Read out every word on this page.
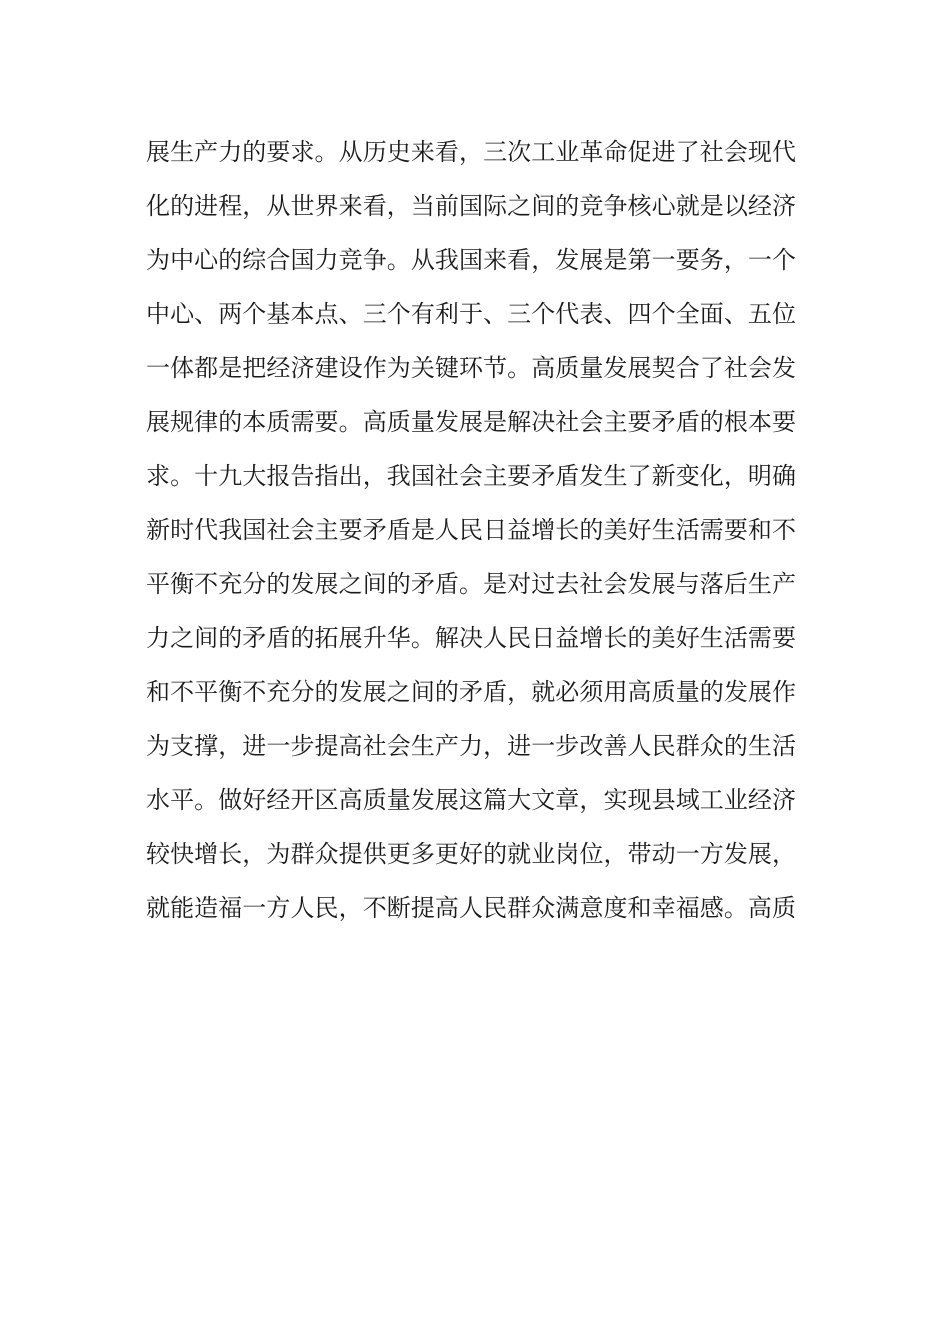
展生产力的要求。从历史来看，三次工业革命促进了社会现代
化的进程，从世界来看，当前国际之间的竞争核心就是以经济
为中心的综合国力竞争。从我国来看，发展是第一要务，一个
中心、两个基本点、三个有利于、三个代表、四个全面、五位
一体都是把经济建设作为关键环节。高质量发展契合了社会发
展规律的本质需要。高质量发展是解决社会主要矛盾的根本要
求。十九大报告指出，我国社会主要矛盾发生了新变化，明确
新时代我国社会主要矛盾是人民日益增长的美好生活需要和不
平衡不充分的发展之间的矛盾。是对过去社会发展与落后生产
力之间的矛盾的拓展升华。解决人民日益增长的美好生活需要
和不平衡不充分的发展之间的矛盾，就必须用高质量的发展作
为支撑，进一步提高社会生产力，进一步改善人民群众的生活
水平。做好经开区高质量发展这篇大文章，实现县域工业经济
较快增长，为群众提供更多更好的就业岗位，带动一方发展，
就能造福一方人民，不断提高人民群众满意度和幸福感。高质
